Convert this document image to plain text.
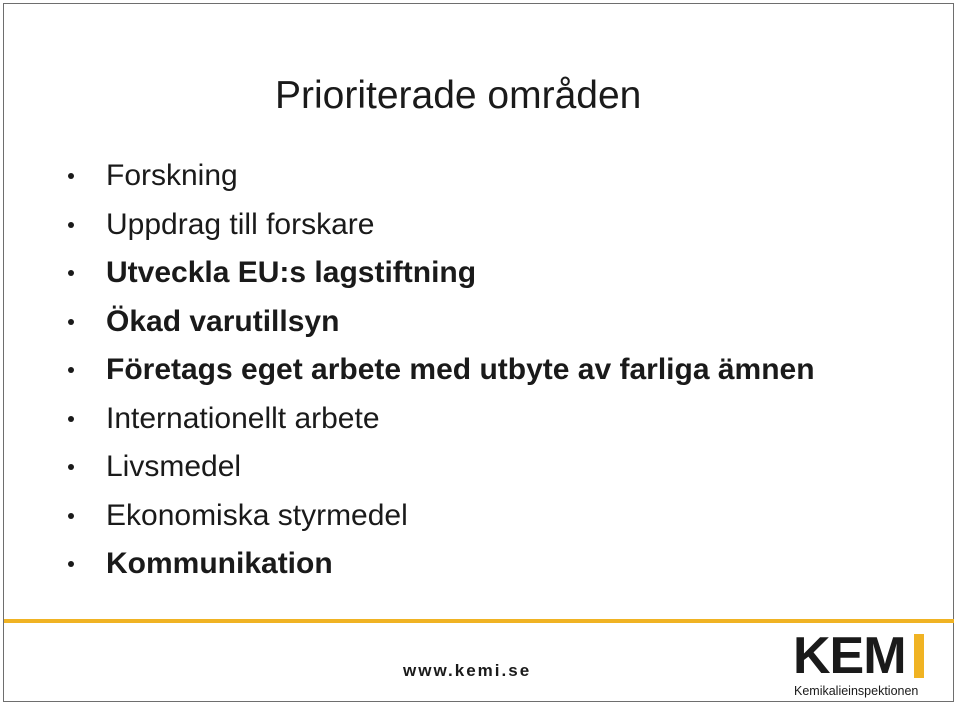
Prioriterade områden
Forskning
Uppdrag till forskare
Utveckla EU:s lagstiftning
Ökad varutillsyn
Företags eget arbete med utbyte av farliga ämnen
Internationellt arbete
Livsmedel
Ekonomiska styrmedel
Kommunikation
www.kemi.se	KEM
Kemikalieinspektionen
